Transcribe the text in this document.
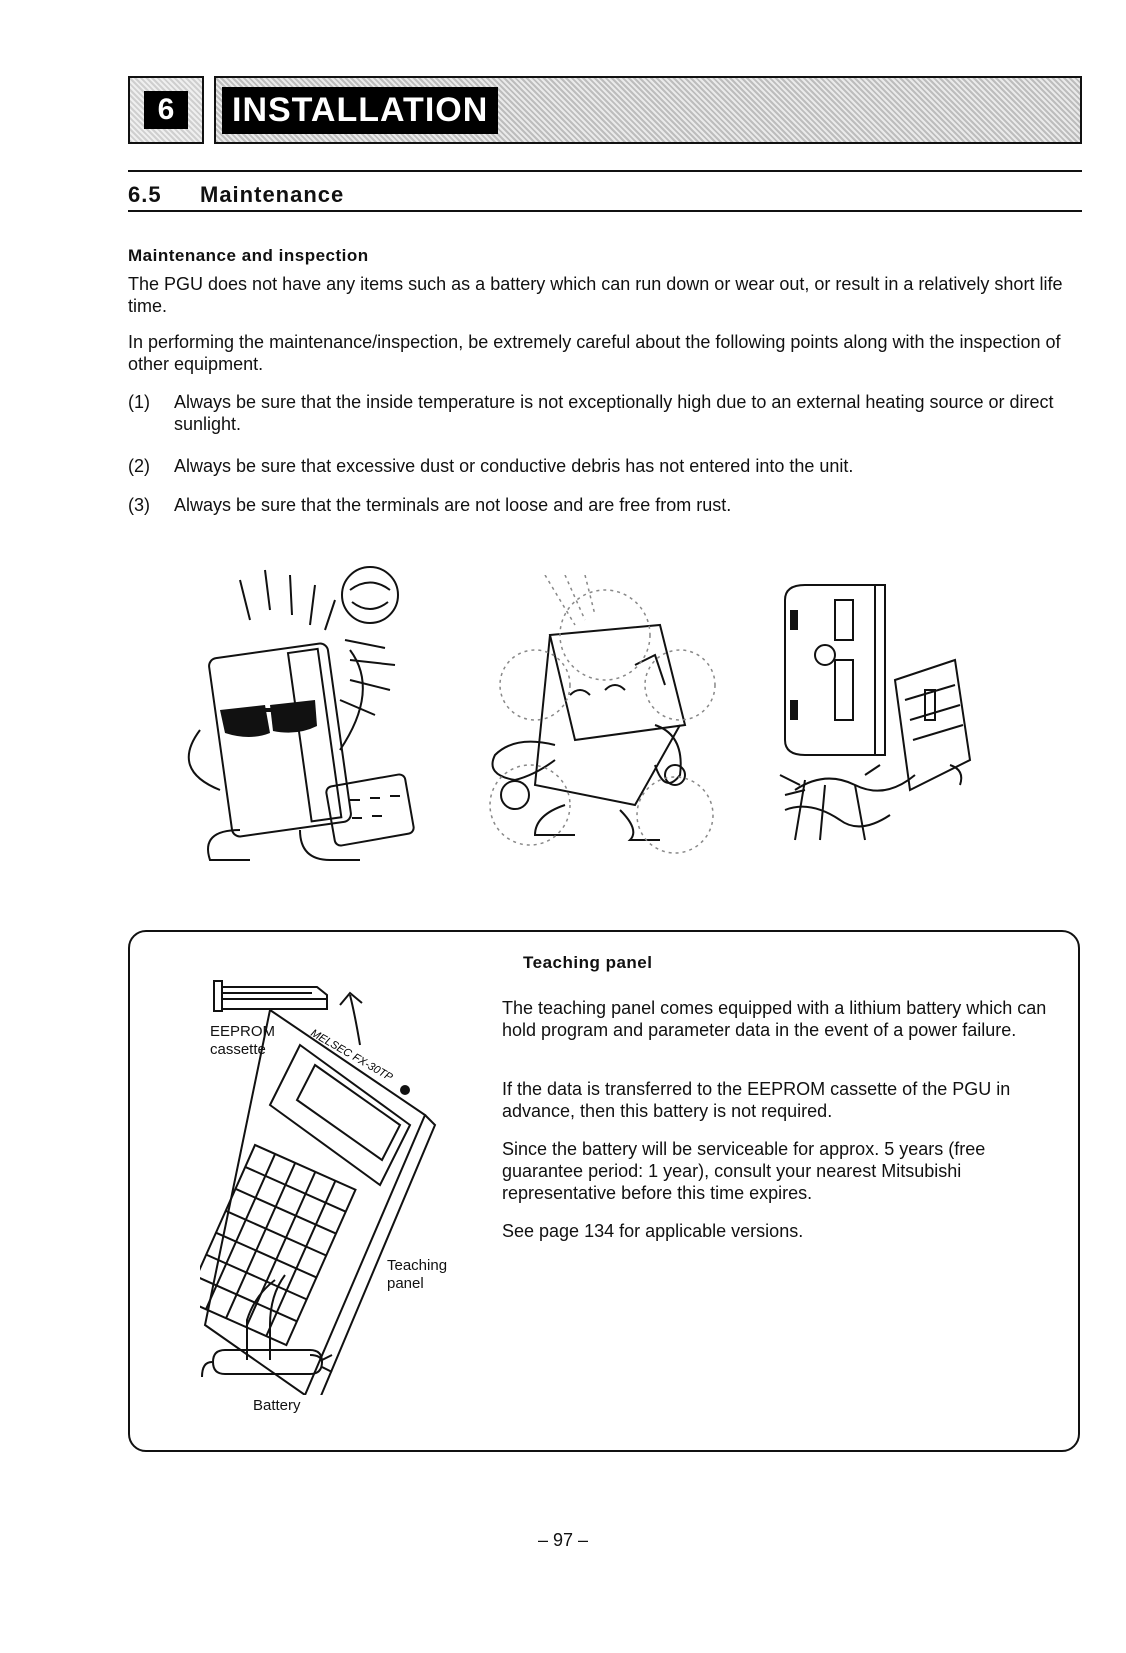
6	INSTALLATION
6.5 Maintenance
Maintenance and inspection
The PGU does not have any items such as a battery which can run down or wear out, or result in a relatively short life time.
In performing the maintenance/inspection, be extremely careful about the following points along with the inspection of other equipment.
(1)	Always be sure that the inside temperature is not exceptionally high due to an external heating source or direct sunlight.
(2)	Always be sure that excessive dust or conductive debris has not entered into the unit.
(3)	Always be sure that the terminals are not loose and are free from rust.
Teaching panel
The teaching panel comes equipped with a lithium battery which can hold program and parameter data in the event of a power failure.
If the data is transferred to the EEPROM cassette of the PGU in advance, then this battery is not required.
Since the battery will be serviceable for approx. 5 years (free guarantee period: 1 year), consult your nearest Mitsubishi representative before this time expires.
See page 134 for applicable versions.
MELSEC FX-30TP
EEPROM
cassette
Teaching
panel
Battery
– 97 –
